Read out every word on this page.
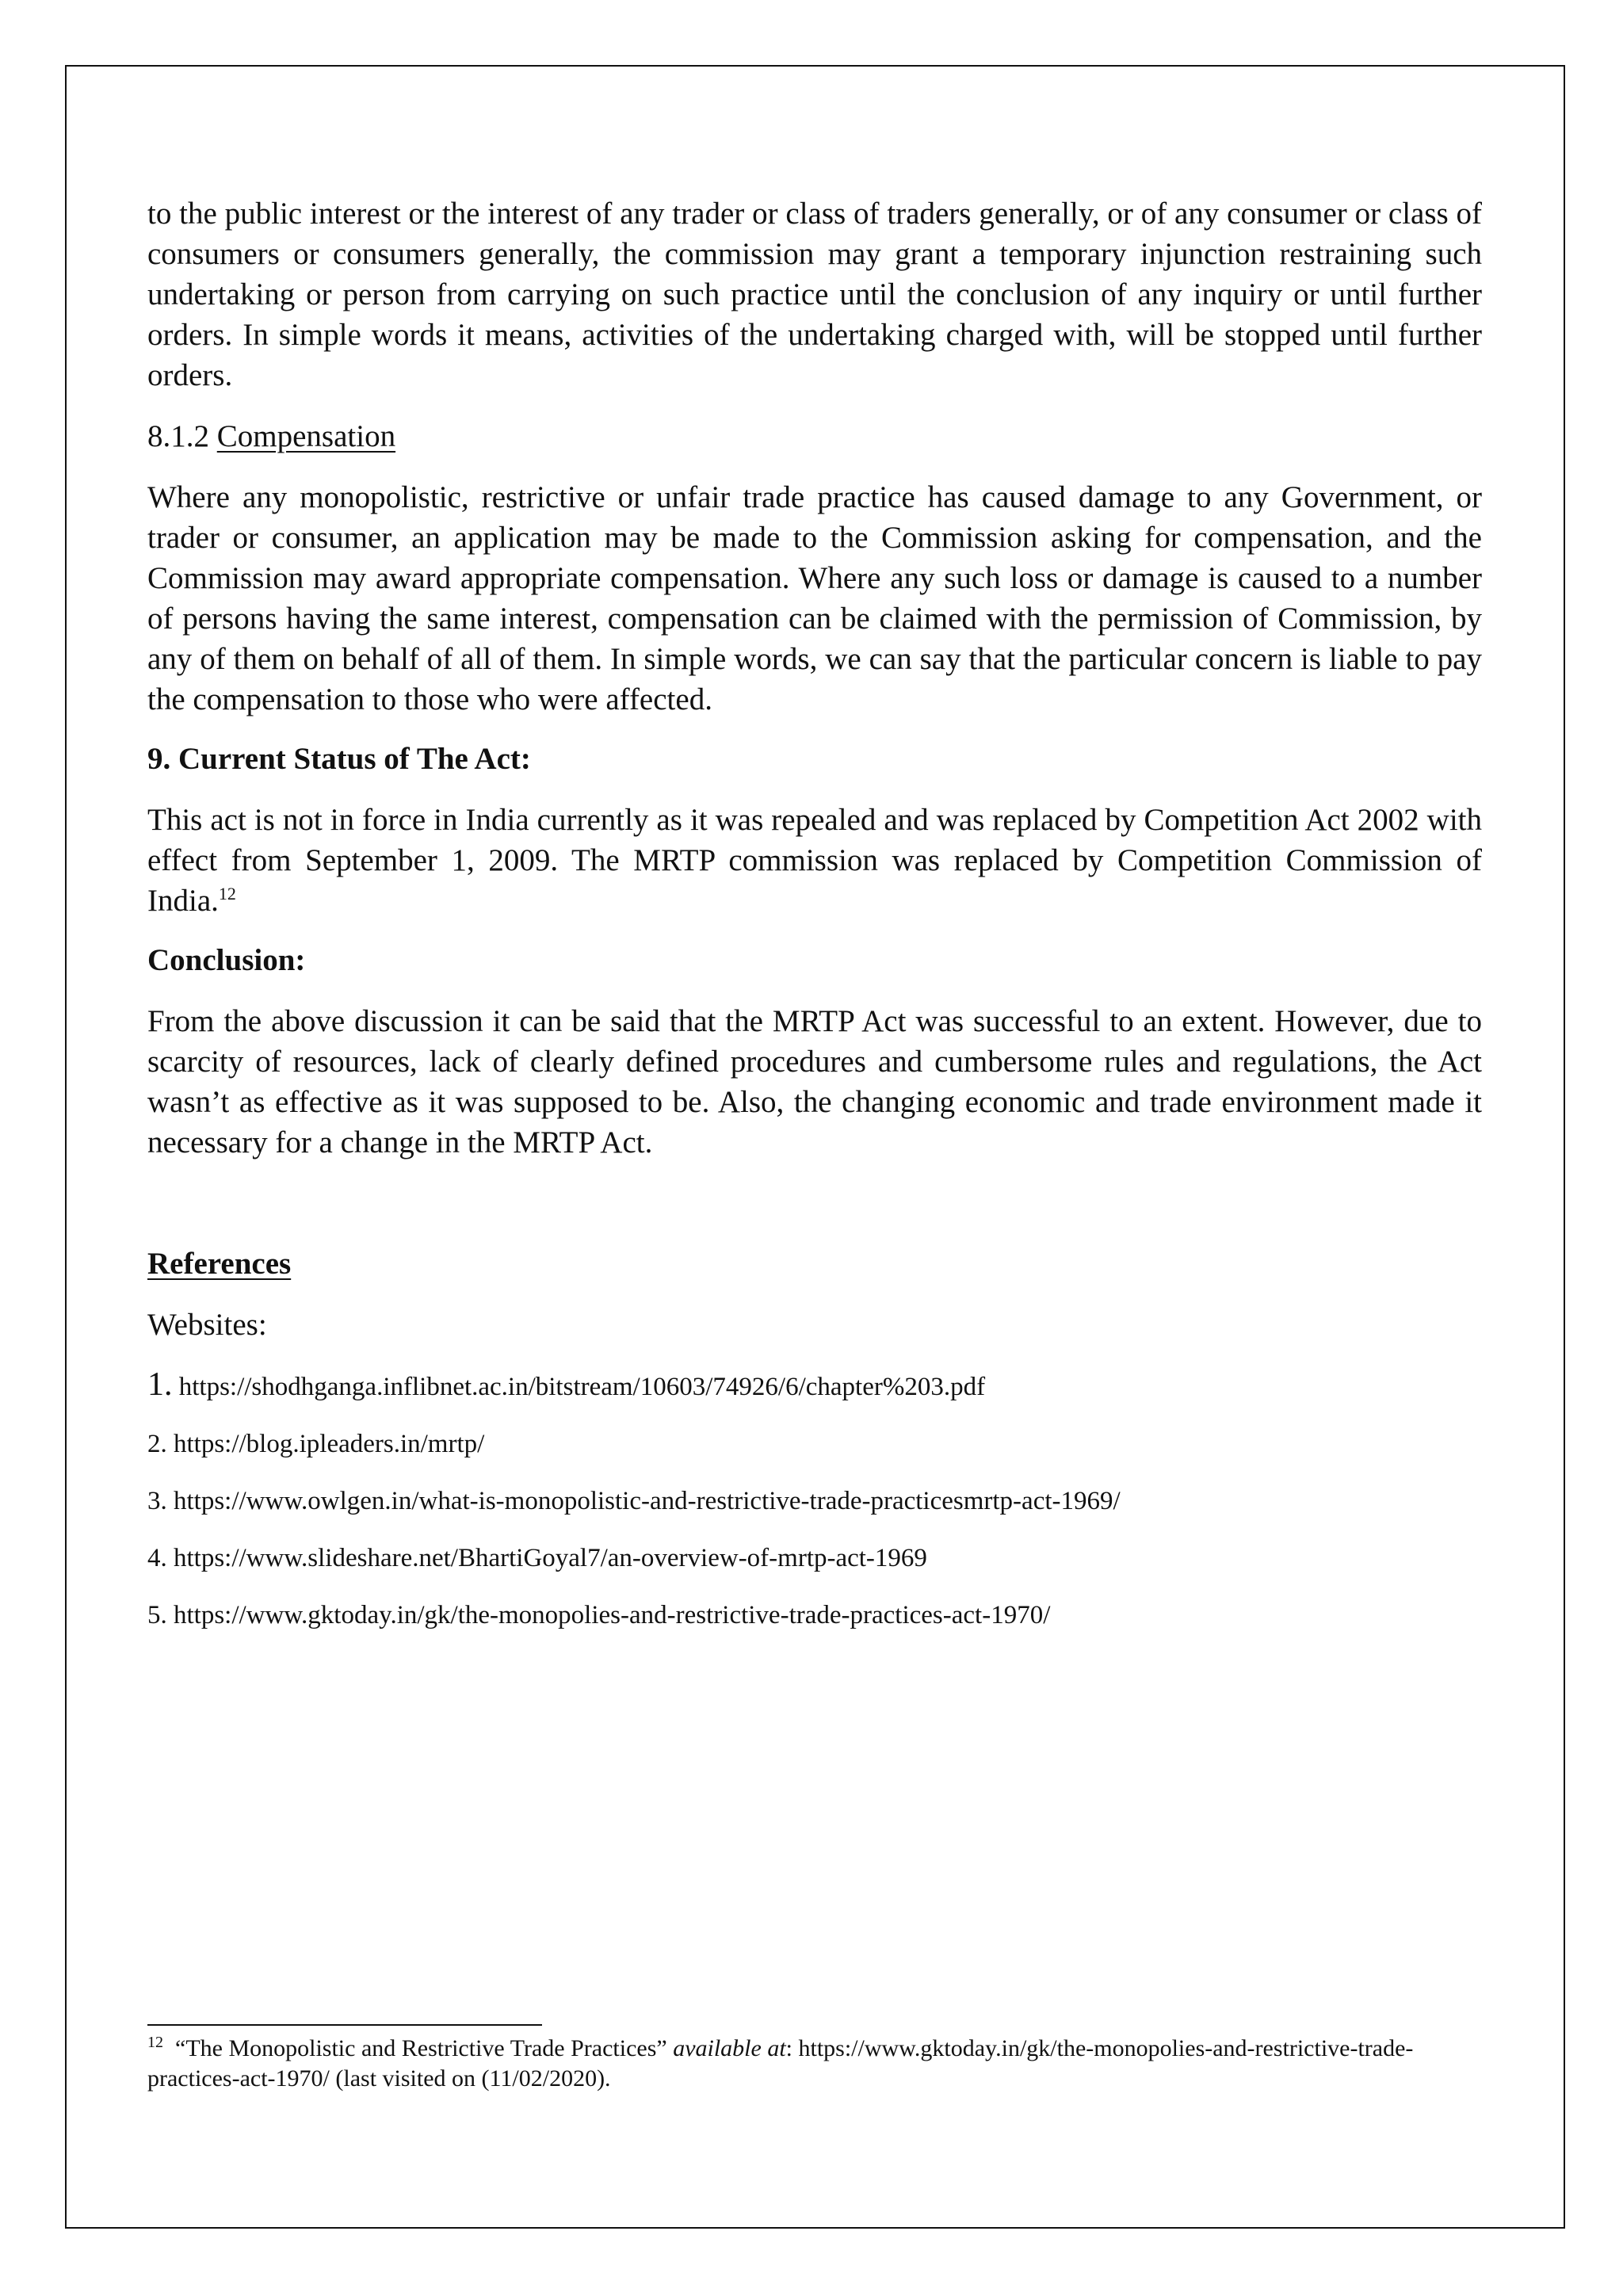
to the public interest or the interest of any trader or class of traders generally, or of any consumer or class of consumers or consumers generally, the commission may grant a temporary injunction restraining such undertaking or person from carrying on such practice until the conclusion of any inquiry or until further orders. In simple words it means, activities of the undertaking charged with, will be stopped until further orders.

8.1.2 Compensation

Where any monopolistic, restrictive or unfair trade practice has caused damage to any Government, or trader or consumer, an application may be made to the Commission asking for compensation, and the Commission may award appropriate compensation. Where any such loss or damage is caused to a number of persons having the same interest, compensation can be claimed with the permission of Commission, by any of them on behalf of all of them. In simple words, we can say that the particular concern is liable to pay the compensation to those who were affected.

9. Current Status of The Act:

This act is not in force in India currently as it was repealed and was replaced by Competition Act 2002 with effect from September 1, 2009. The MRTP commission was replaced by Competition Commission of India.$^{12}$

Conclusion:

From the above discussion it can be said that the MRTP Act was successful to an extent. However, due to scarcity of resources, lack of clearly defined procedures and cumbersome rules and regulations, the Act wasn’t as effective as it was supposed to be. Also, the changing economic and trade environment made it necessary for a change in the MRTP Act.

References

Websites:

1. https://shodhganga.inflibnet.ac.in/bitstream/10603/74926/6/chapter%203.pdf

2. https://blog.ipleaders.in/mrtp/

3. https://www.owlgen.in/what-is-monopolistic-and-restrictive-trade-practicesmrtp-act-1969/

4. https://www.slideshare.net/BhartiGoyal7/an-overview-of-mrtp-act-1969

5. https://www.gktoday.in/gk/the-monopolies-and-restrictive-trade-practices-act-1970/

$^{12}$ “The Monopolistic and Restrictive Trade Practices” available at: https://www.gktoday.in/gk/the-monopolies-and-restrictive-trade-practices-act-1970/ (last visited on (11/02/2020).
